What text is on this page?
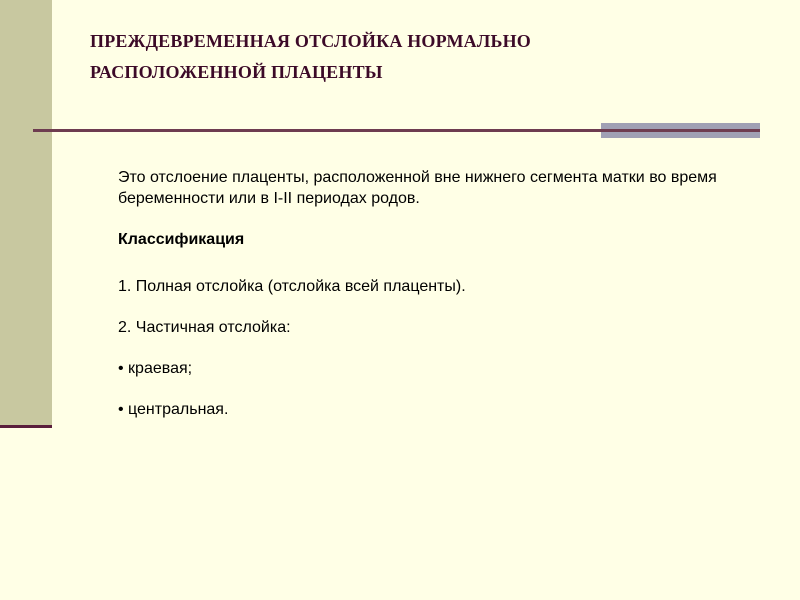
ПРЕЖДЕВРЕМЕННАЯ ОТСЛОЙКА НОРМАЛЬНО
РАСПОЛОЖЕННОЙ ПЛАЦЕНТЫ

Это отслоение плаценты, расположенной вне нижнего сегмента матки во время беременности или в I-II периодах родов.

Классификация

1. Полная отслойка (отслойка всей плаценты).

2. Частичная отслойка:

• краевая;

• центральная.
